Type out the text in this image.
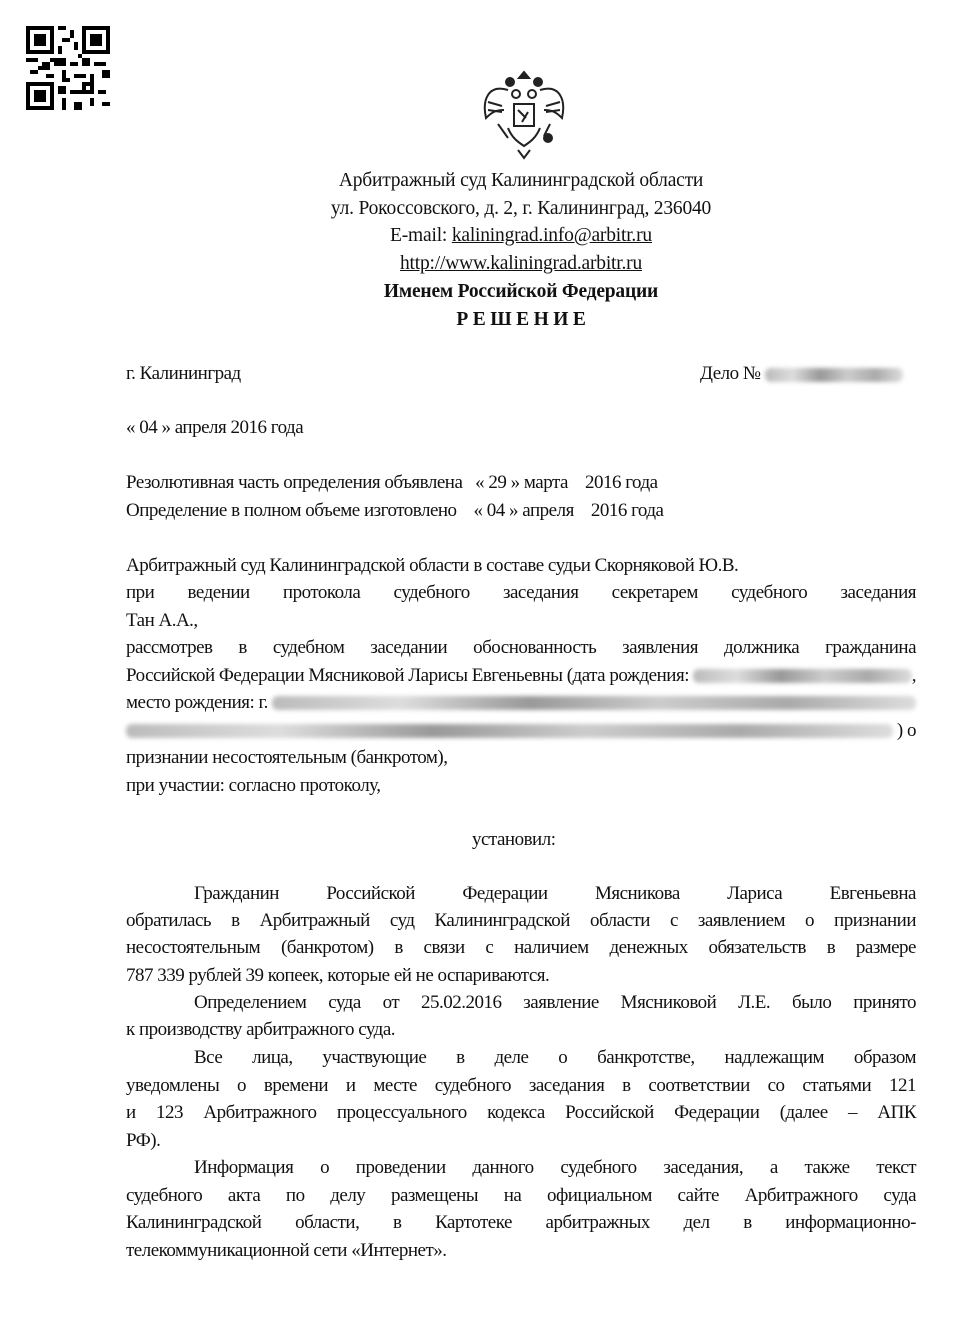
Арбитражный суд Калининградской области
ул. Рокоссовского, д. 2, г. Калининград, 236040
E-mail: kaliningrad.info@arbitr.ru
http://www.kaliningrad.arbitr.ru
Именем Российской Федерации
Р Е Ш Е Н И Е
г. Калининград	Дело №
« 04 » апреля 2016 года
Резолютивная часть определения объявлена   « 29 » марта    2016 года
Определение в полном объеме изготовлено    « 04 » апреля    2016 года
Арбитражный суд Калининградской области в составе судьи Скорняковой Ю.В.
при ведении протокола судебного заседания секретарем судебного заседания
Тан А.А.,
рассмотрев в судебном заседании обоснованность заявления должника гражданина
Российской Федерации Мясниковой Ларисы Евгеньевны (дата рождения:
	,
место рождения: г.

) о
признании несостоятельным (банкротом),
при участии: согласно протоколу,
установил:
Гражданин Российской Федерации Мясникова Лариса Евгеньевна
обратилась в Арбитражный суд Калининградской области с заявлением о признании
несостоятельным (банкротом) в связи с наличием денежных обязательств в размере
787 339 рублей 39 копеек, которые ей не оспариваются.
Определением суда от 25.02.2016 заявление Мясниковой Л.Е. было принято
к производству арбитражного суда.
Все лица, участвующие в деле о банкротстве, надлежащим образом
уведомлены о времени и месте судебного заседания в соответствии со статьями 121
и 123 Арбитражного процессуального кодекса Российской Федерации (далее – АПК
РФ).
Информация о проведении данного судебного заседания, а также текст
судебного акта по делу размещены на официальном сайте Арбитражного суда
Калининградской области, в Картотеке арбитражных дел в информационно-
телекоммуникационной сети «Интернет».
